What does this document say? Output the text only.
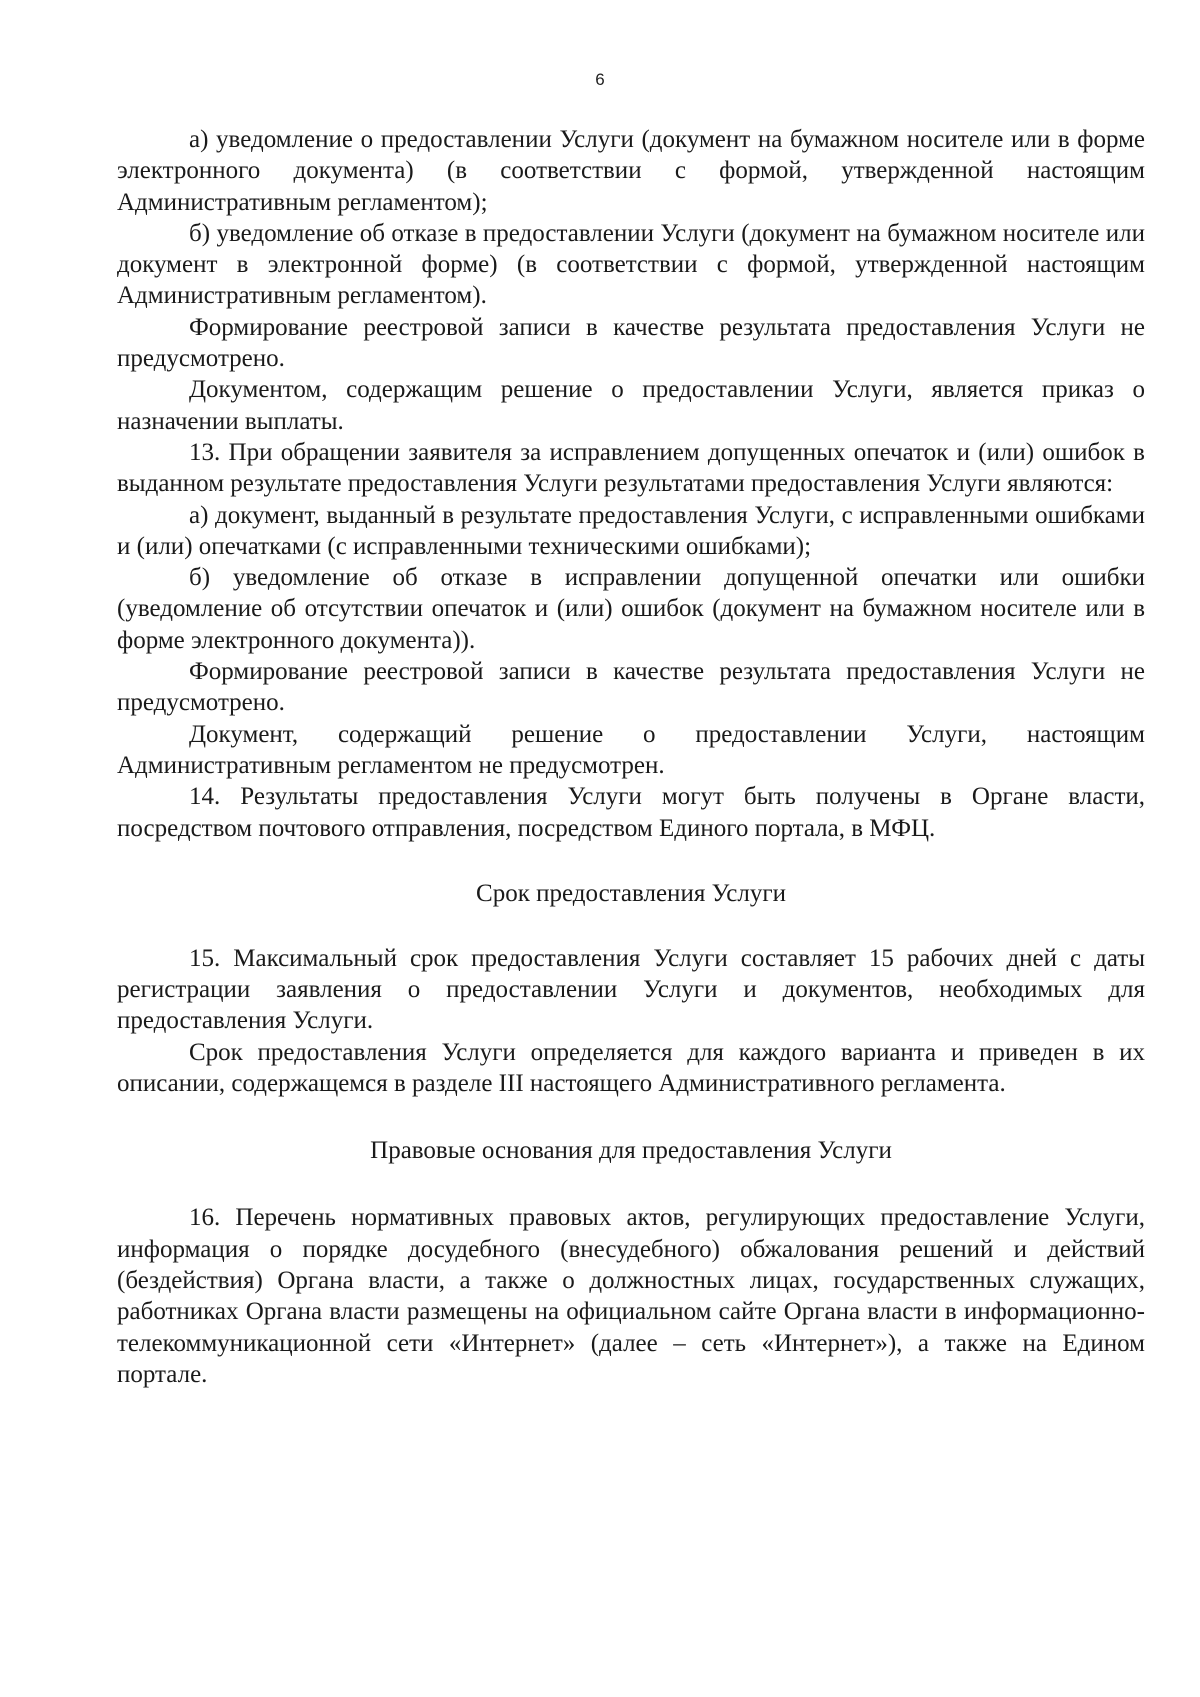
6

а) уведомление о предоставлении Услуги (документ на бумажном носителе или в форме электронного документа) (в соответствии с формой, утвержденной настоящим Административным регламентом);

б) уведомление об отказе в предоставлении Услуги (документ на бумажном носителе или документ в электронной форме) (в соответствии с формой, утвержденной настоящим Административным регламентом).

Формирование реестровой записи в качестве результата предоставления Услуги не предусмотрено.

Документом, содержащим решение о предоставлении Услуги, является приказ о назначении выплаты.

13. При обращении заявителя за исправлением допущенных опечаток и (или) ошибок в выданном результате предоставления Услуги результатами предоставления Услуги являются:

а) документ, выданный в результате предоставления Услуги, с исправленными ошибками и (или) опечатками (с исправленными техническими ошибками);

б) уведомление об отказе в исправлении допущенной опечатки или ошибки (уведомление об отсутствии опечаток и (или) ошибок (документ на бумажном носителе или в форме электронного документа)).

Формирование реестровой записи в качестве результата предоставления Услуги не предусмотрено.

Документ, содержащий решение о предоставлении Услуги, настоящим Административным регламентом не предусмотрен.

14. Результаты предоставления Услуги могут быть получены в Органе власти, посредством почтового отправления, посредством Единого портала, в МФЦ.

Срок предоставления Услуги

15. Максимальный срок предоставления Услуги составляет 15 рабочих дней с даты регистрации заявления о предоставлении Услуги и документов, необходимых для предоставления Услуги.

Срок предоставления Услуги определяется для каждого варианта и приведен в их описании, содержащемся в разделе III настоящего Административного регламента.

Правовые основания для предоставления Услуги

16. Перечень нормативных правовых актов, регулирующих предоставление Услуги, информация о порядке досудебного (внесудебного) обжалования решений и действий (бездействия) Органа власти, а также о должностных лицах, государственных служащих, работниках Органа власти размещены на официальном сайте Органа власти в информационно-телекоммуникационной сети «Интернет» (далее – сеть «Интернет»), а также на Едином портале.
